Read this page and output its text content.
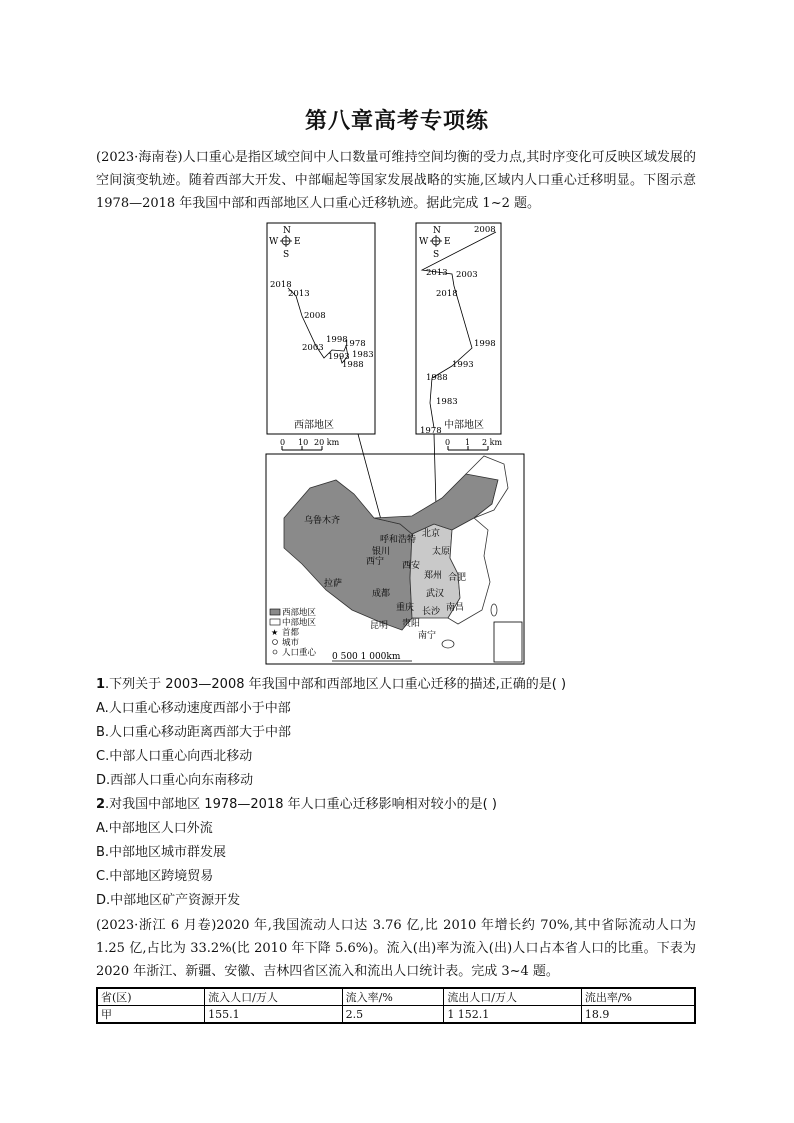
第八章高考专项练
(2023·海南卷)人口重心是指区域空间中人口数量可维持空间均衡的受力点,其时序变化可反映区域发展的空间演变轨迹。随着西部大开发、中部崛起等国家发展战略的实施,区域内人口重心迁移明显。下图示意 1978—2018 年我国中部和西部地区人口重心迁移轨迹。据此完成 1~2 题。
N
S
W E
2018
2013
2008
1998
1978
2003
1983
1993
1988
西部地区
0 10 20 km
N
S
W E
2008
2013 2003
2018
1998
1993
1988
1983
1978 中部地区
0 1 2 km
乌鲁木齐
呼和浩特
北京
银川	太原
西宁 西安
郑州 合肥
成都	武汉
拉萨
重庆 长沙 南昌
贵阳
昆明
南宁
西部地区
中部地区
★ 首都
城市
人口重心 0 500 1 000km
1.下列关于 2003—2008 年我国中部和西部地区人口重心迁移的描述,正确的是( )
A.人口重心移动速度西部小于中部
B.人口重心移动距离西部大于中部
C.中部人口重心向西北移动
D.西部人口重心向东南移动
2.对我国中部地区 1978—2018 年人口重心迁移影响相对较小的是( )
A.中部地区人口外流
B.中部地区城市群发展
C.中部地区跨境贸易
D.中部地区矿产资源开发
(2023·浙江 6 月卷)2020 年,我国流动人口达 3.76 亿,比 2010 年增长约 70%,其中省际流动人口为 1.25 亿,占比为 33.2%(比 2010 年下降 5.6%)。流入(出)率为流入(出)人口占本省人口的比重。下表为 2020 年浙江、新疆、安徽、吉林四省区流入和流出人口统计表。完成 3~4 题。
省(区)	流入人口/万人	流入率/%	流出人口/万人	流出率/%
甲	155.1	2.5	1 152.1	18.9
